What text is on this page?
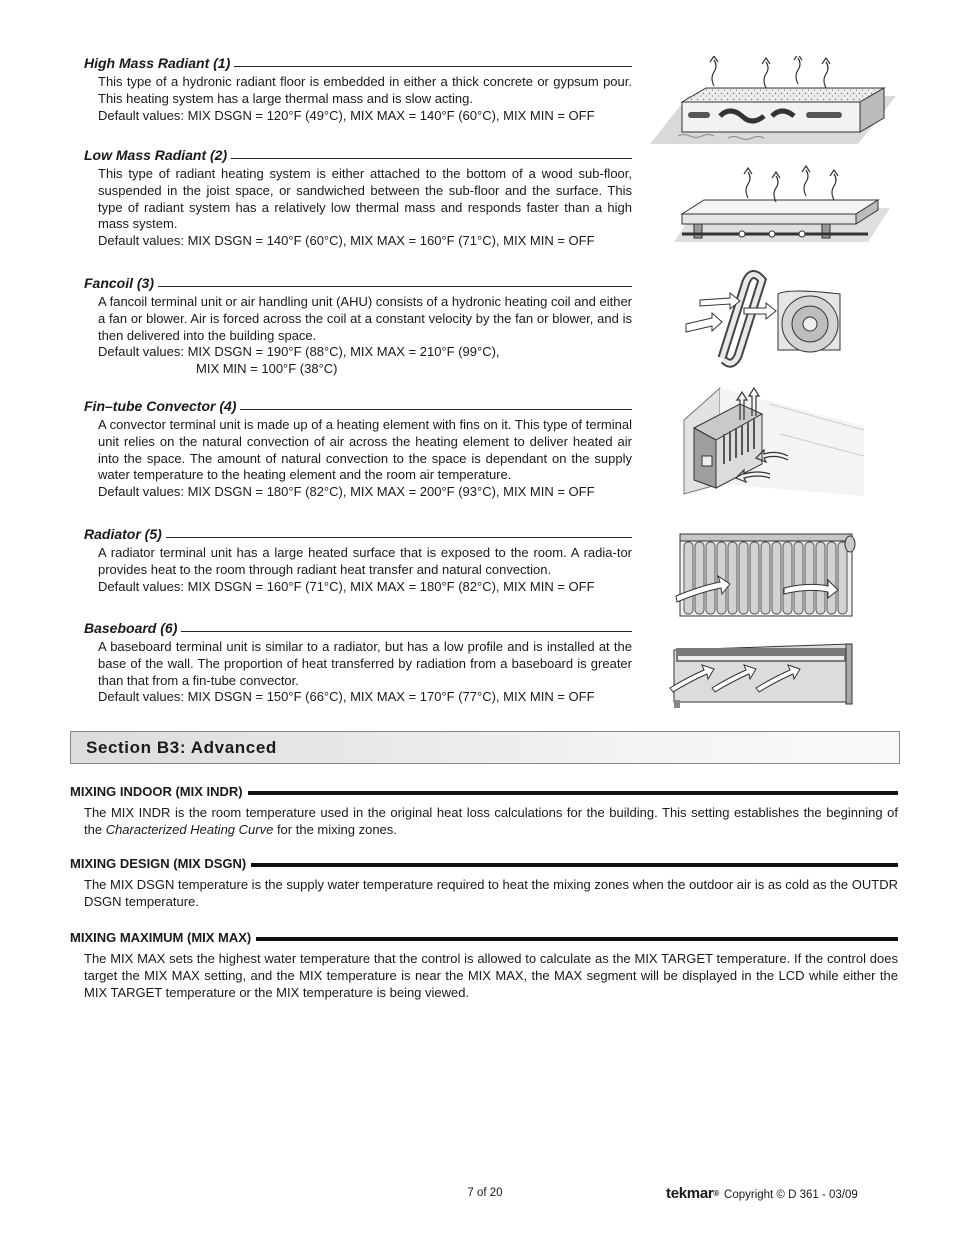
High Mass Radiant (1)

This type of a hydronic radiant floor is embedded in either a thick concrete or gypsum pour. This heating system has a large thermal mass and is slow acting.

Default values: MIX DSGN = 120°F (49°C), MIX MAX = 140°F (60°C), MIX MIN = OFF

Low Mass Radiant (2)

This type of radiant heating system is either attached to the bottom of a wood sub-floor, suspended in the joist space, or sandwiched between the sub-floor and the surface. This type of radiant system has a relatively low thermal mass and responds faster than a high mass system.

Default values: MIX DSGN = 140°F (60°C), MIX MAX = 160°F (71°C), MIX MIN = OFF

Fancoil (3)

A fancoil terminal unit or air handling unit (AHU) consists of a hydronic heating coil and either a fan or blower. Air is forced across the coil at a constant velocity by the fan or blower, and is then delivered into the building space.

Default values: MIX DSGN = 190°F (88°C), MIX MAX = 210°F (99°C),

MIX MIN = 100°F (38°C)

Fin–tube Convector (4)

A convector terminal unit is made up of a heating element with fins on it. This type of terminal unit relies on the natural convection of air across the heating element to deliver heated air into the space. The amount of natural convection to the space is dependant on the supply water temperature to the heating element and the room air temperature.

Default values: MIX DSGN = 180°F (82°C), MIX MAX = 200°F (93°C), MIX MIN = OFF

Radiator (5)

A radiator terminal unit has a large heated surface that is exposed to the room. A radia-tor provides heat to the room through radiant heat transfer and natural convection.

Default values: MIX DSGN = 160°F (71°C), MIX MAX = 180°F (82°C), MIX MIN = OFF

Baseboard (6)

A baseboard terminal unit is similar to a radiator, but has a low profile and is installed at the base of the wall. The proportion of heat transferred by radiation from a baseboard is greater than that from a fin-tube convector.

Default values: MIX DSGN = 150°F (66°C), MIX MAX = 170°F (77°C), MIX MIN = OFF

Section B3: Advanced
MIXING INDOOR (MIX INDR)

The MIX INDR is the room temperature used in the original heat loss calculations for the building. This setting establishes the beginning of the Characterized Heating Curve for the mixing zones.

MIXING DESIGN (MIX DSGN)

The MIX DSGN temperature is the supply water temperature required to heat the mixing zones when the outdoor air is as cold as the OUTDR DSGN temperature.

MIXING MAXIMUM (MIX MAX)

The MIX MAX sets the highest water temperature that the control is allowed to calculate as the MIX TARGET temperature. If the control does target the MIX MAX setting, and the MIX temperature is near the MIX MAX, the MAX segment will be displayed in the LCD while either the MIX TARGET temperature or the MIX temperature is being viewed.

7 of 20	tekmar® Copyright © D 361 - 03/09
